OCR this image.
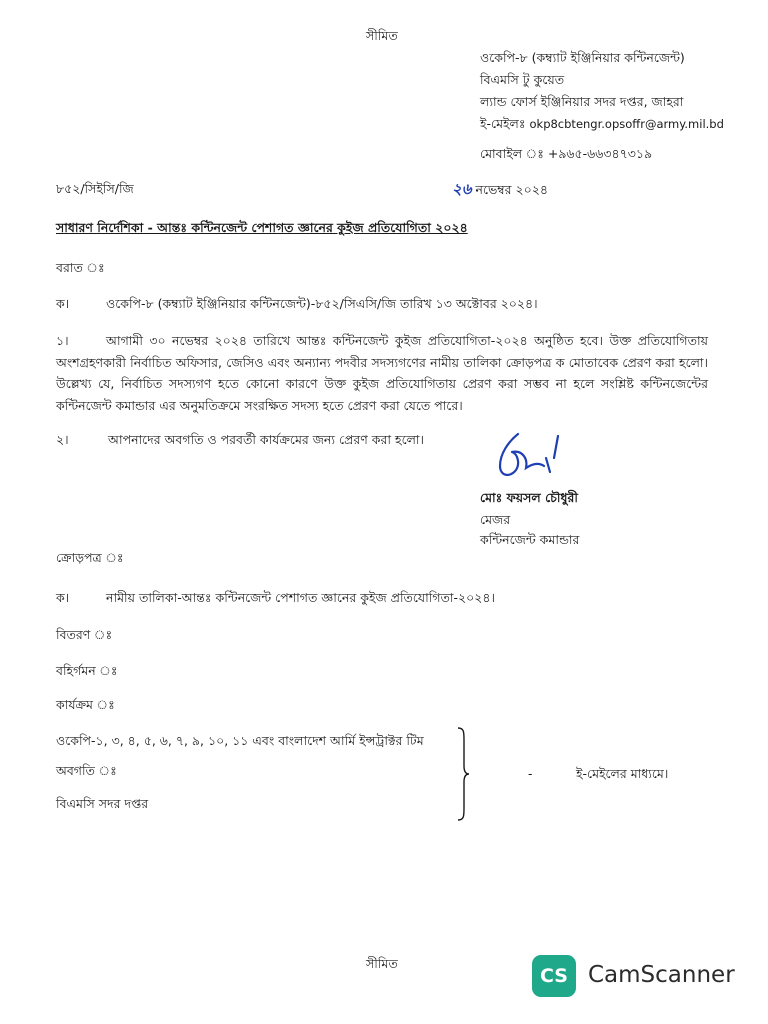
সীমিত
ওকেপি-৮ (কম্ব্যাট ইঞ্জিনিয়ার কন্টিনজেন্ট)
বিএমসি টু কুয়েত
ল্যান্ড ফোর্স ইঞ্জিনিয়ার সদর দপ্তর, জাহরা
ই-মেইলঃ okp8cbtengr.opsoffr@army.mil.bd
মোবাইল ঃ +৯৬৫-৬৬৩৪৭৩১৯
৮৫২/সিইসি/জি	২৬ নভেম্বর ২০২৪
সাধারণ নির্দেশিকা - আন্তঃ কন্টিনজেন্ট পেশাগত জ্ঞানের কুইজ প্রতিযোগিতা ২০২৪
বরাত ঃ
ক।	ওকেপি-৮ (কম্ব্যাট ইঞ্জিনিয়ার কন্টিনজেন্ট)-৮৫২/সিএসি/জি তারিখ ১৩ অক্টোবর ২০২৪।
১।	আগামী ৩০ নভেম্বর ২০২৪ তারিখে আন্তঃ কন্টিনজেন্ট কুইজ প্রতিযোগিতা-২০২৪ অনুষ্ঠিত হবে। উক্ত প্রতিযোগিতায় অংশগ্রহণকারী নির্বাচিত অফিসার, জেসিও এবং অন্যান্য পদবীর সদস্যগণের নামীয় তালিকা ক্রোড়পত্র ক মোতাবেক প্রেরণ করা হলো। উল্লেখ্য যে, নির্বাচিত সদস্যগণ হতে কোনো কারণে উক্ত কুইজ প্রতিযোগিতায় প্রেরণ করা সম্ভব না হলে সংশ্লিষ্ট কন্টিনজেন্টের কন্টিনজেন্ট কমান্ডার এর অনুমতিক্রমে সংরক্ষিত সদস্য হতে প্রেরণ করা যেতে পারে।
২।	আপনাদের অবগতি ও পরবর্তী কার্যক্রমের জন্য প্রেরণ করা হলো।
মোঃ ফয়সল চৌধুরী
মেজর
কন্টিনজেন্ট কমান্ডার
ক্রোড়পত্র ঃ
ক।	নামীয় তালিকা-আন্তঃ কন্টিনজেন্ট পেশাগত জ্ঞানের কুইজ প্রতিযোগিতা-২০২৪।
বিতরণ ঃ
বহির্গমন ঃ
কার্যক্রম ঃ
ওকেপি-১, ৩, ৪, ৫, ৬, ৭, ৯, ১০, ১১ এবং বাংলাদেশ আর্মি ইন্সট্রাক্টর টিম
অবগতি ঃ
বিএমসি সদর দপ্তর
-	ই-মেইলের মাধ্যমে।
সীমিত
CS CamScanner
